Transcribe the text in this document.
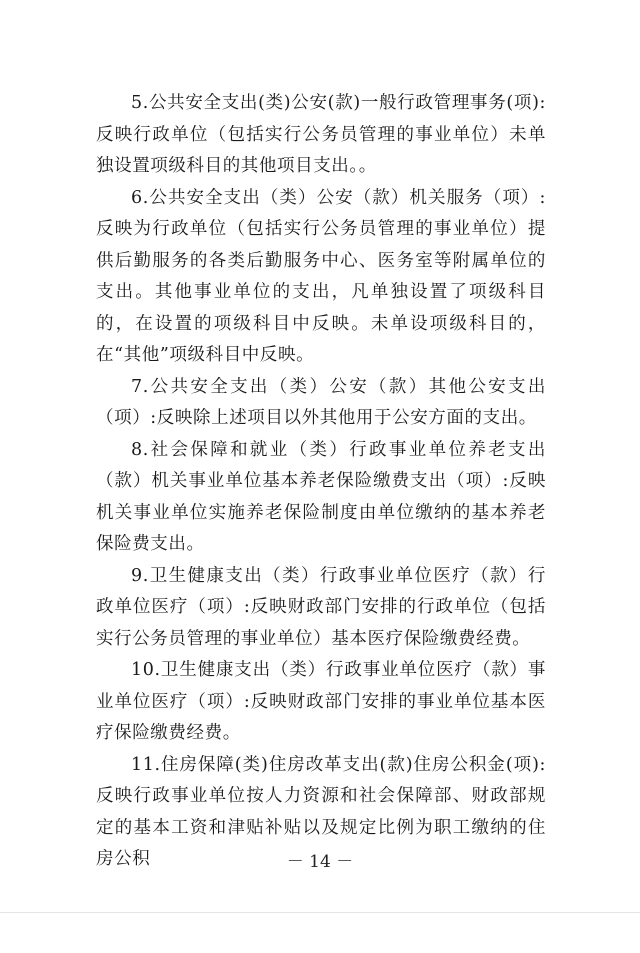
5.公共安全支出(类)公安(款)一般行政管理事务(项):反映行政单位（包括实行公务员管理的事业单位）未单独设置项级科目的其他项目支出。。

6.公共安全支出（类）公安（款）机关服务（项）:反映为行政单位（包括实行公务员管理的事业单位）提供后勤服务的各类后勤服务中心、医务室等附属单位的支出。其他事业单位的支出，凡单独设置了项级科目的，在设置的项级科目中反映。未单设项级科目的，在“其他”项级科目中反映。

7.公共安全支出（类）公安（款）其他公安支出（项）:反映除上述项目以外其他用于公安方面的支出。

8.社会保障和就业（类）行政事业单位养老支出（款）机关事业单位基本养老保险缴费支出（项）:反映机关事业单位实施养老保险制度由单位缴纳的基本养老保险费支出。

9.卫生健康支出（类）行政事业单位医疗（款）行政单位医疗（项）:反映财政部门安排的行政单位（包括实行公务员管理的事业单位）基本医疗保险缴费经费。

10.卫生健康支出（类）行政事业单位医疗（款）事业单位医疗（项）:反映财政部门安排的事业单位基本医疗保险缴费经费。

11.住房保障(类)住房改革支出(款)住房公积金(项):反映行政事业单位按人力资源和社会保障部、财政部规定的基本工资和津贴补贴以及规定比例为职工缴纳的住房公积	－ 14 －
